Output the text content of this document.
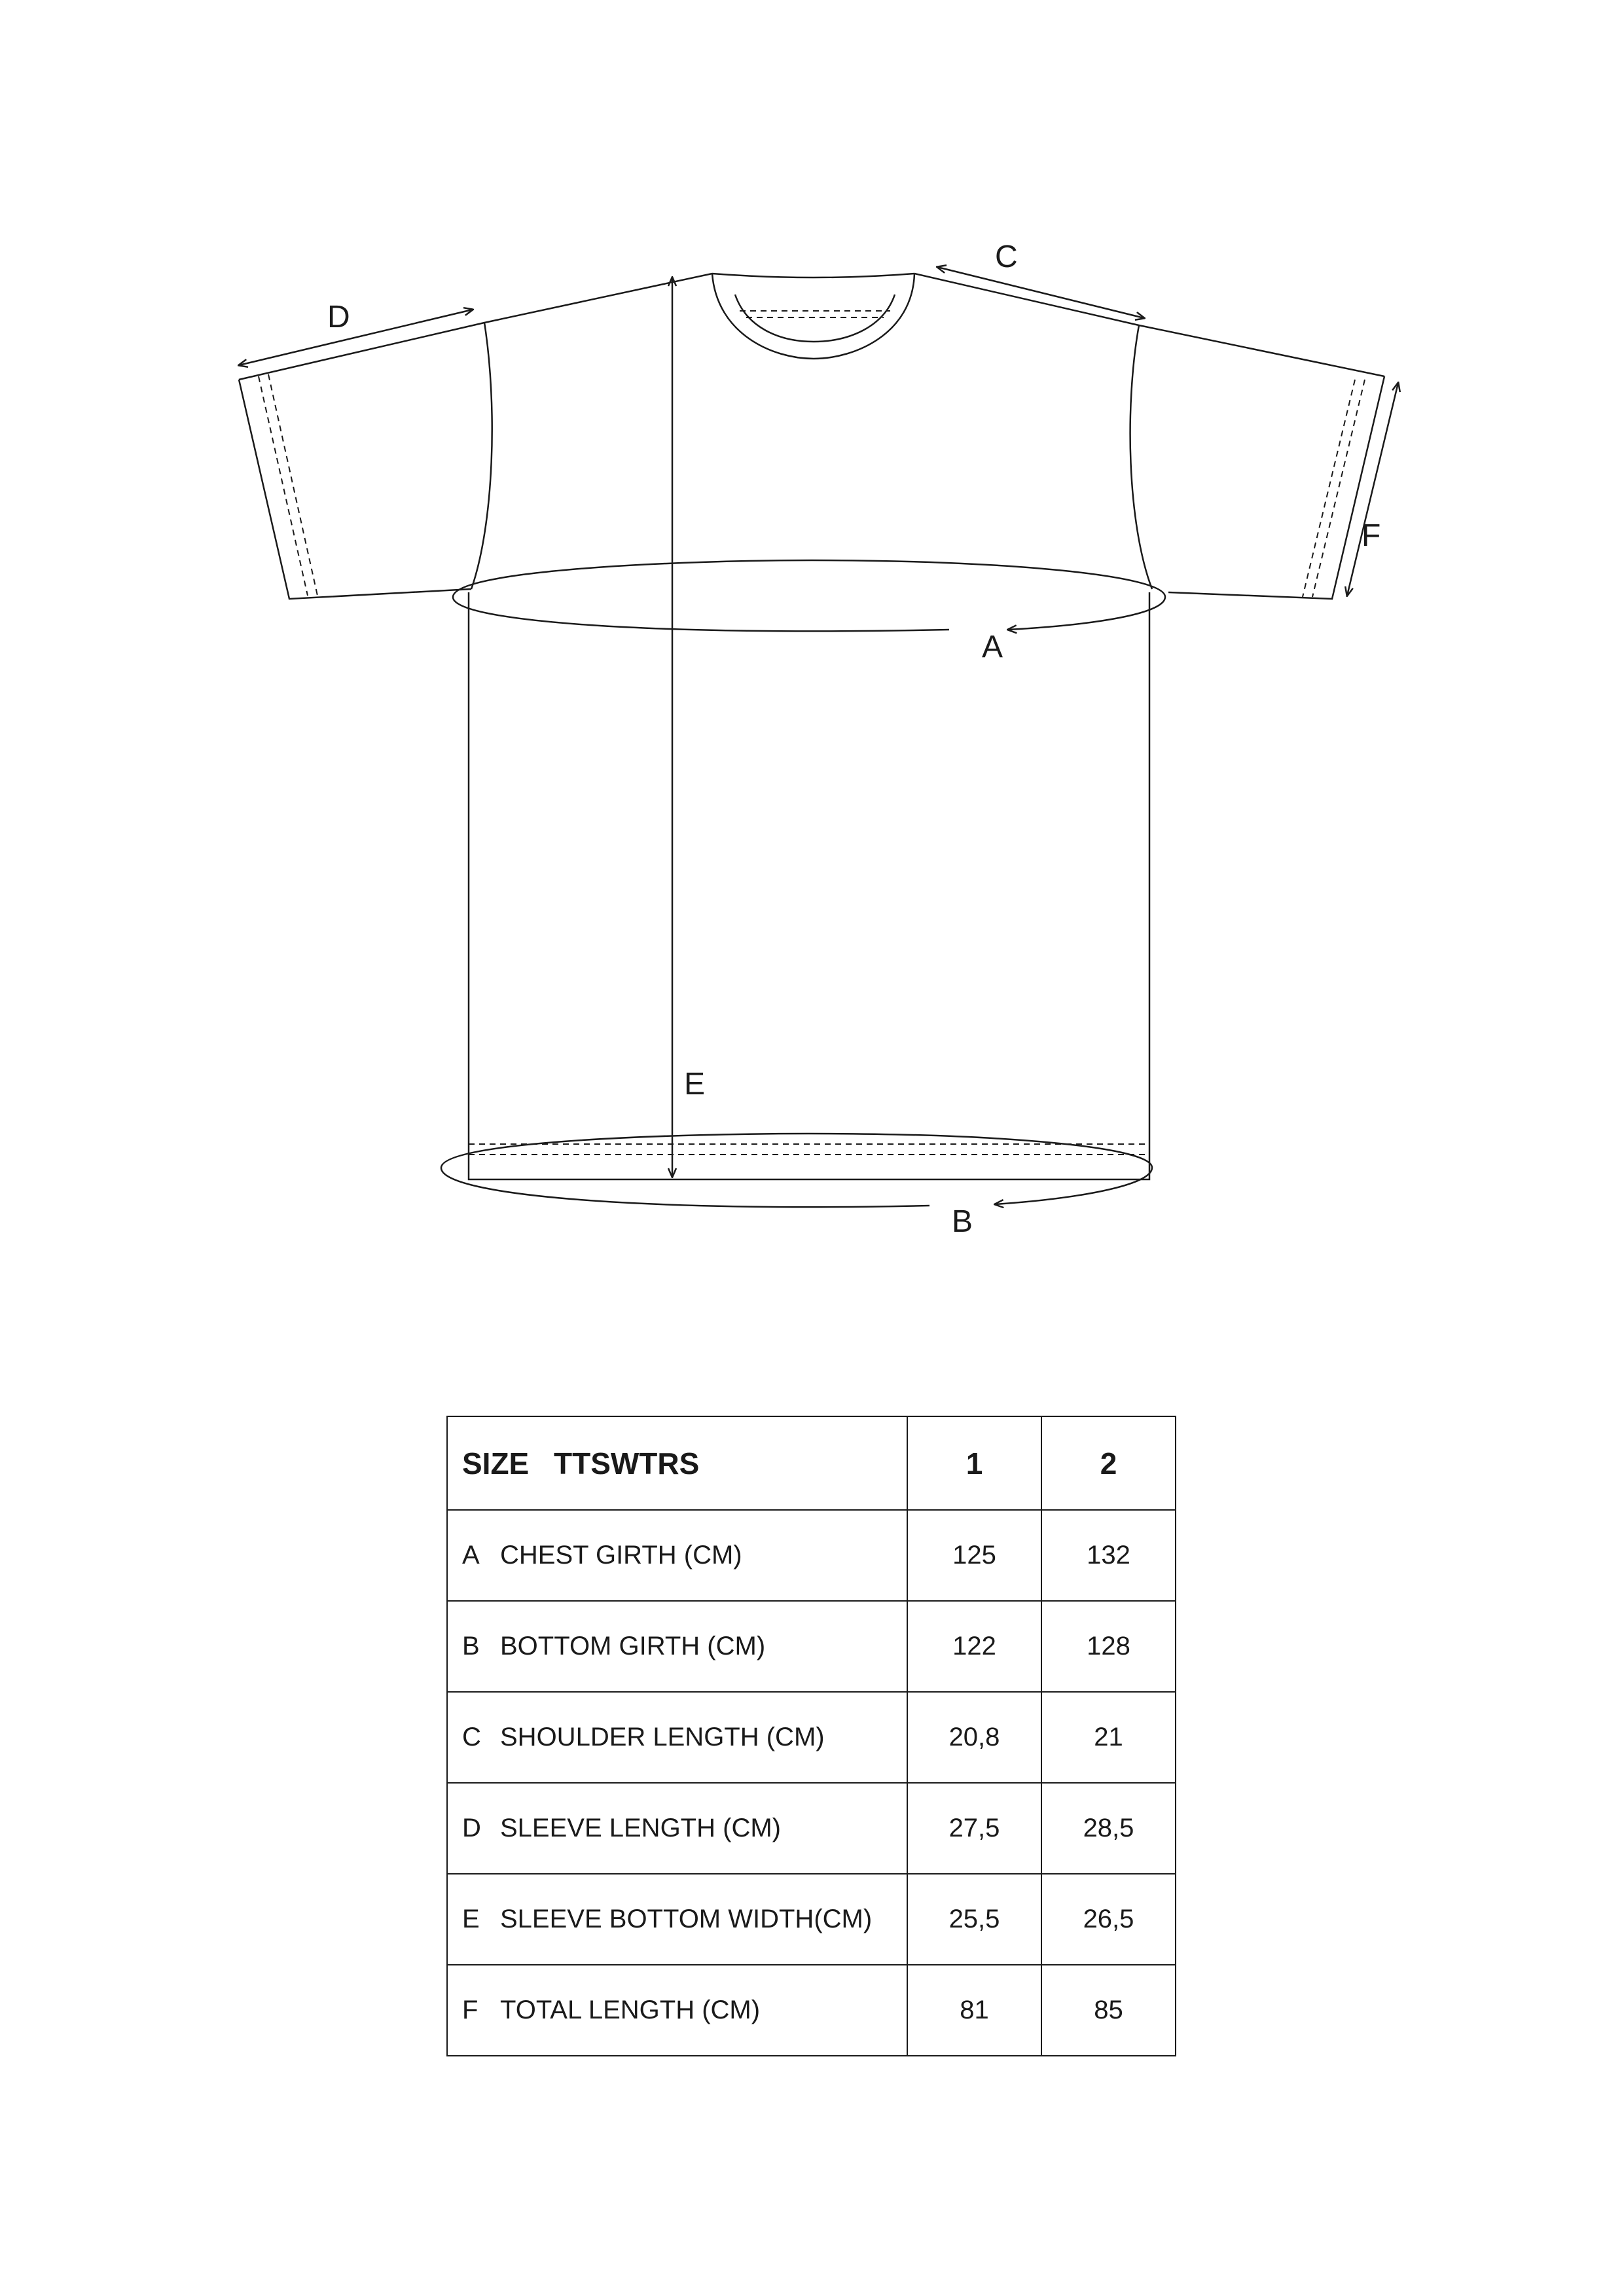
A
B
C
D
E
F
SIZE TTSWTRS	1	2
A CHEST GIRTH (CM)	125	132
B BOTTOM GIRTH (CM)	122	128
C SHOULDER LENGTH (CM)	20,8	21
D SLEEVE LENGTH (CM)	27,5	28,5
E SLEEVE BOTTOM WIDTH(CM)	25,5	26,5
F TOTAL LENGTH (CM)	81	85
